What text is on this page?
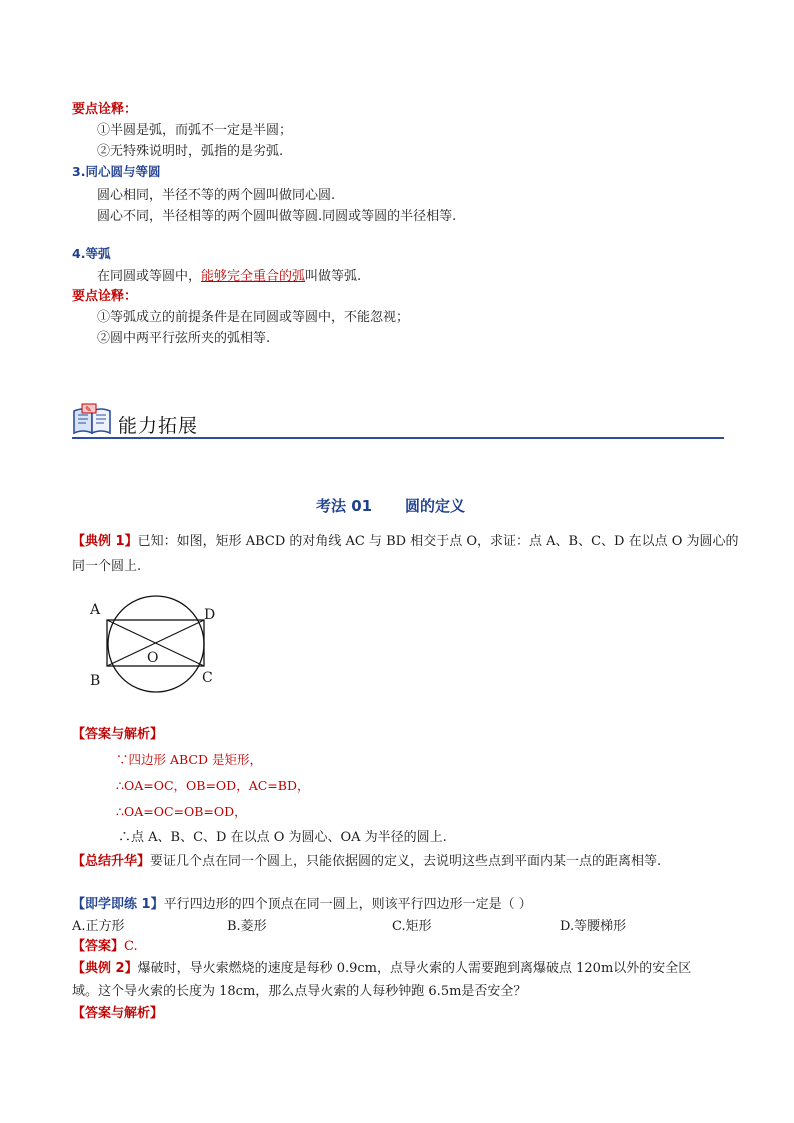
要点诠释：
①半圆是弧，而弧不一定是半圆；
②无特殊说明时，弧指的是劣弧.
3.同心圆与等圆
圆心相同，半径不等的两个圆叫做同心圆.
圆心不同，半径相等的两个圆叫做等圆.同圆或等圆的半径相等.
4.等弧
在同圆或等圆中，能够完全重合的弧叫做等弧.
要点诠释：
①等弧成立的前提条件是在同圆或等圆中，不能忽视；
②圆中两平行弦所夹的弧相等.
✎
能力拓展
考法 01 圆的定义
【典例 1】已知：如图，矩形 ABCD 的对角线 AC 与 BD 相交于点 O，求证：点 A、B、C、D 在以点 O 为圆心的
同一个圆上.
A	D
O
B	C
【答案与解析】
∵四边形 ABCD 是矩形，
∴OA=OC，OB=OD，AC=BD，
∴OA=OC=OB=OD，
∴点 A、B、C、D 在以点 O 为圆心、OA 为半径的圆上.
【总结升华】要证几个点在同一个圆上，只能依据圆的定义，去说明这些点到平面内某一点的距离相等.
【即学即练 1】平行四边形的四个顶点在同一圆上，则该平行四边形一定是（ ）
A.正方形	B.菱形	C.矩形	D.等腰梯形
【答案】C.
【典例 2】爆破时，导火索燃烧的速度是每秒 0.9cm，点导火索的人需要跑到离爆破点 120m以外的安全区
域。这个导火索的长度为 18cm，那么点导火索的人每秒钟跑 6.5m是否安全？
【答案与解析】
